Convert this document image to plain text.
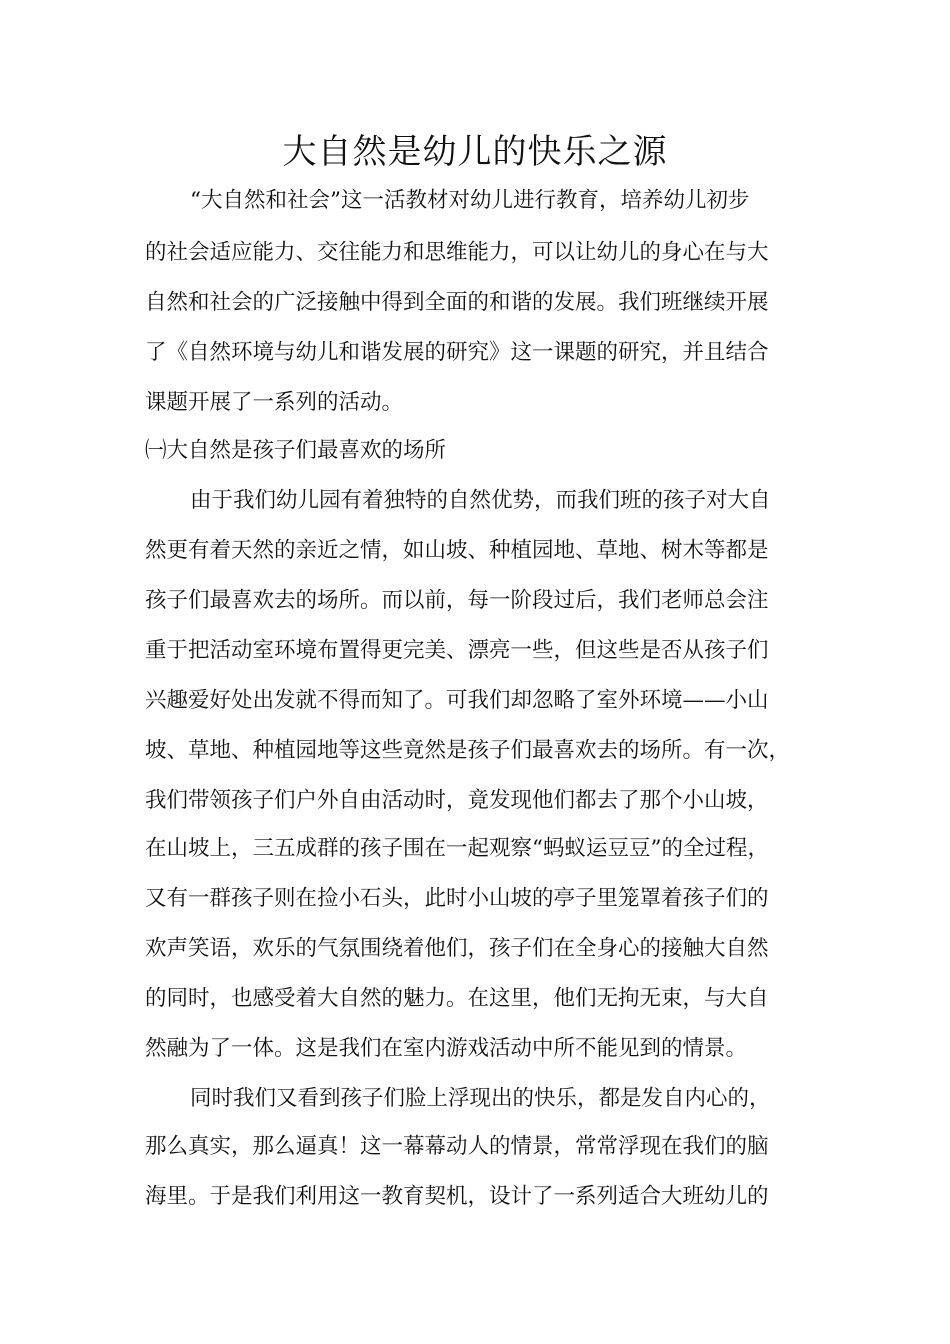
大自然是幼儿的快乐之源

“大自然和社会”这一活教材对幼儿进行教育，培养幼儿初步

的社会适应能力、交往能力和思维能力，可以让幼儿的身心在与大

自然和社会的广泛接触中得到全面的和谐的发展。我们班继续开展

了《自然环境与幼儿和谐发展的研究》这一课题的研究，并且结合

课题开展了一系列的活动。

㈠大自然是孩子们最喜欢的场所

由于我们幼儿园有着独特的自然优势，而我们班的孩子对大自

然更有着天然的亲近之情，如山坡、种植园地、草地、树木等都是

孩子们最喜欢去的场所。而以前，每一阶段过后，我们老师总会注

重于把活动室环境布置得更完美、漂亮一些，但这些是否从孩子们

兴趣爱好处出发就不得而知了。可我们却忽略了室外环境——小山

坡、草地、种植园地等这些竟然是孩子们最喜欢去的场所。有一次，

我们带领孩子们户外自由活动时，竟发现他们都去了那个小山坡，

在山坡上，三五成群的孩子围在一起观察“蚂蚁运豆豆”的全过程，

又有一群孩子则在捡小石头，此时小山坡的亭子里笼罩着孩子们的

欢声笑语，欢乐的气氛围绕着他们，孩子们在全身心的接触大自然

的同时，也感受着大自然的魅力。在这里，他们无拘无束，与大自

然融为了一体。这是我们在室内游戏活动中所不能见到的情景。

同时我们又看到孩子们脸上浮现出的快乐，都是发自内心的，

那么真实，那么逼真！这一幕幕动人的情景，常常浮现在我们的脑

海里。于是我们利用这一教育契机，设计了一系列适合大班幼儿的
